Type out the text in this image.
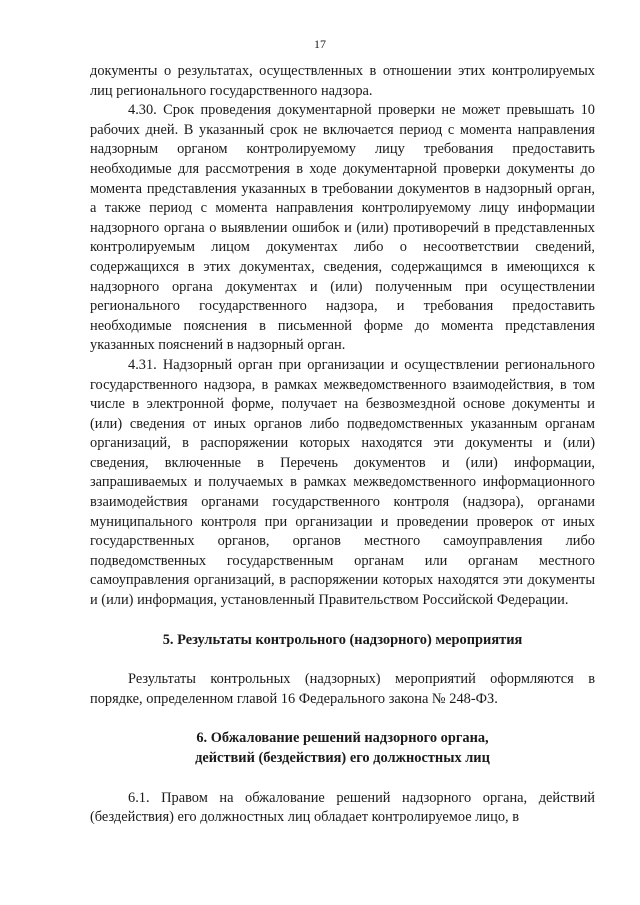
17

документы о результатах, осуществленных в отношении этих контролируемых лиц регионального государственного надзора.

4.30. Срок проведения документарной проверки не может превышать 10 рабочих дней. В указанный срок не включается период с момента направления надзорным органом контролируемому лицу требования предоставить необходимые для рассмотрения в ходе документарной проверки документы до момента представления указанных в требовании документов в надзорный орган, а также период с момента направления контролируемому лицу информации надзорного органа о выявлении ошибок и (или) противоречий в представленных контролируемым лицом документах либо о несоответствии сведений, содержащихся в этих документах, сведения, содержащимся в имеющихся к надзорного органа документах и (или) полученным при осуществлении регионального государственного надзора, и требования предоставить необходимые пояснения в письменной форме до момента представления указанных пояснений в надзорный орган.

4.31. Надзорный орган при организации и осуществлении регионального государственного надзора, в рамках межведомственного взаимодействия, в том числе в электронной форме, получает на безвозмездной основе документы и (или) сведения от иных органов либо подведомственных указанным органам организаций, в распоряжении которых находятся эти документы и (или) сведения, включенные в Перечень документов и (или) информации, запрашиваемых и получаемых в рамках межведомственного информационного взаимодействия органами государственного контроля (надзора), органами муниципального контроля при организации и проведении проверок от иных государственных органов, органов местного самоуправления либо подведомственных государственным органам или органам местного самоуправления организаций, в распоряжении которых находятся эти документы и (или) информация, установленный Правительством Российской Федерации.

5. Результаты контрольного (надзорного) мероприятия

Результаты контрольных (надзорных) мероприятий оформляются в порядке, определенном главой 16 Федерального закона № 248-ФЗ.

6. Обжалование решений надзорного органа,
действий (бездействия) его должностных лиц

6.1. Правом на обжалование решений надзорного органа, действий (бездействия) его должностных лиц обладает контролируемое лицо, в
